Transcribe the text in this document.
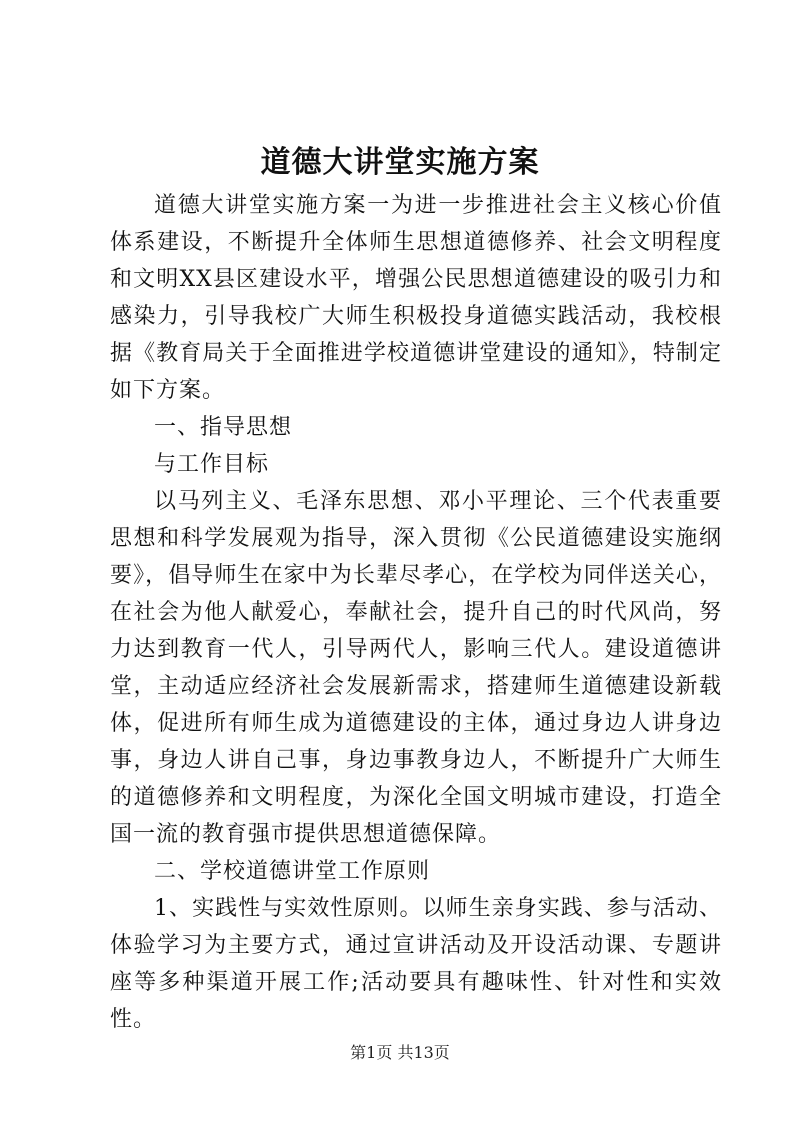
道德大讲堂实施方案

道德大讲堂实施方案一为进一步推进社会主义核心价值体系建设，不断提升全体师生思想道德修养、社会文明程度和文明XX县区建设水平，增强公民思想道德建设的吸引力和感染力，引导我校广大师生积极投身道德实践活动，我校根据《教育局关于全面推进学校道德讲堂建设的通知》，特制定如下方案。

一、指导思想

与工作目标

以马列主义、毛泽东思想、邓小平理论、三个代表重要思想和科学发展观为指导，深入贯彻《公民道德建设实施纲要》，倡导师生在家中为长辈尽孝心，在学校为同伴送关心，在社会为他人献爱心，奉献社会，提升自己的时代风尚，努力达到教育一代人，引导两代人，影响三代人。建设道德讲堂，主动适应经济社会发展新需求，搭建师生道德建设新载体，促进所有师生成为道德建设的主体，通过身边人讲身边事，身边人讲自己事，身边事教身边人，不断提升广大师生的道德修养和文明程度，为深化全国文明城市建设，打造全国一流的教育强市提供思想道德保障。

二、学校道德讲堂工作原则

1、实践性与实效性原则。以师生亲身实践、参与活动、体验学习为主要方式，通过宣讲活动及开设活动课、专题讲座等多种渠道开展工作;活动要具有趣味性、针对性和实效性。

第1页 共13页
